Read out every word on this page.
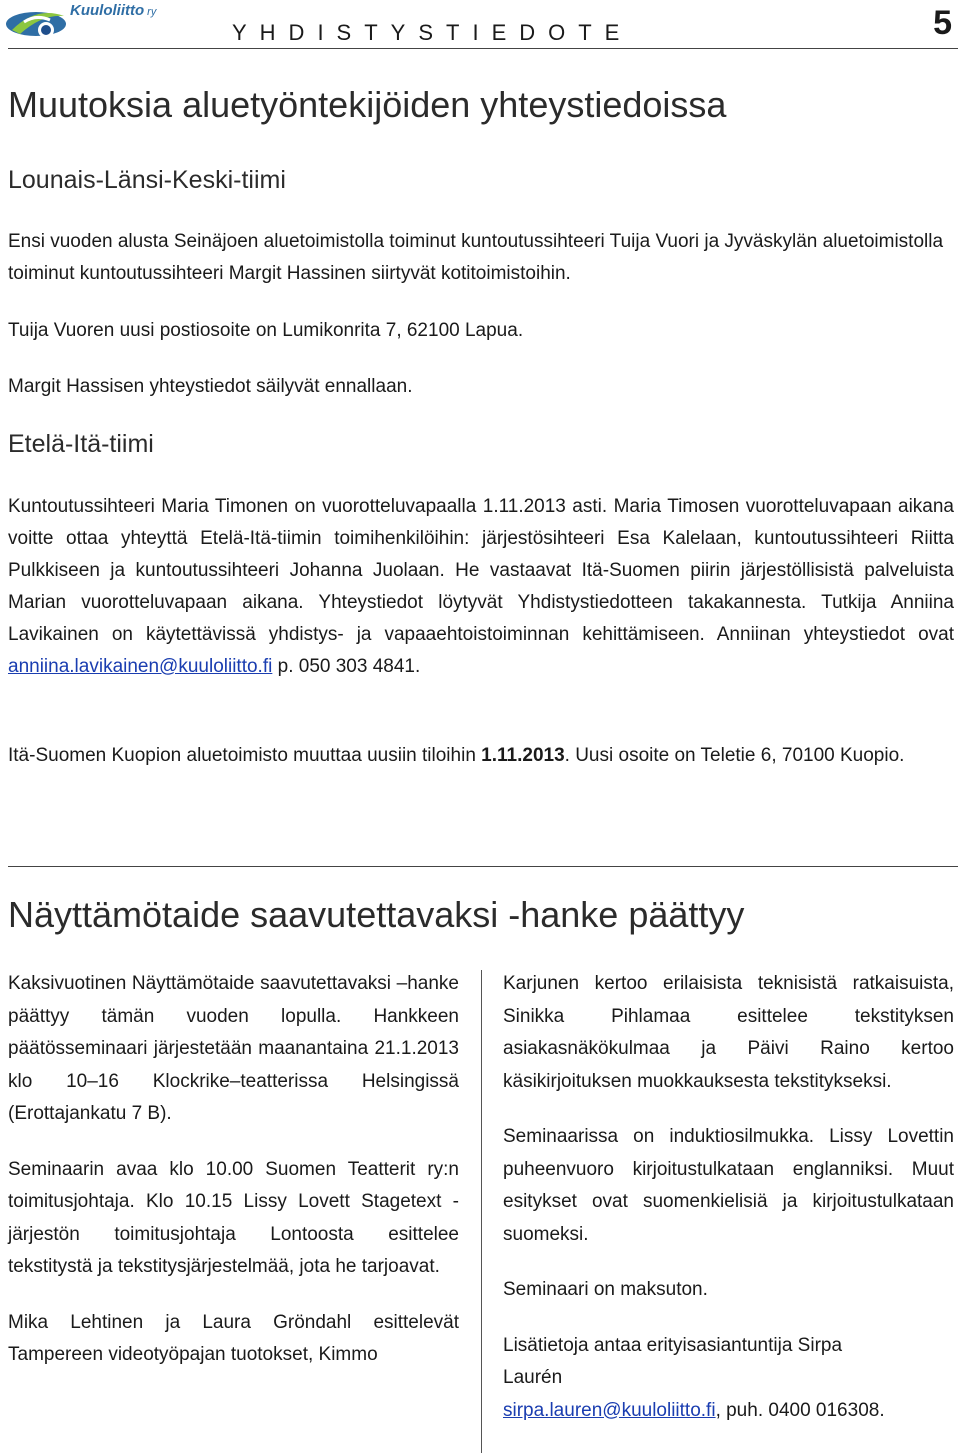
Kuuloliitto ry
YHDISTYSTIEDOTE	5
Muutoksia aluetyöntekijöiden yhteystiedoissa
Lounais-Länsi-Keski-tiimi

Ensi vuoden alusta Seinäjoen aluetoimistolla toiminut kuntoutussihteeri Tuija Vuori ja Jyväskylän aluetoimistolla toiminut kuntoutussihteeri Margit Hassinen siirtyvät kotitoimistoihin.

Tuija Vuoren uusi postiosoite on Lumikonrita 7, 62100 Lapua.

Margit Hassisen yhteystiedot säilyvät ennallaan.

Etelä-Itä-tiimi

Kuntoutussihteeri Maria Timonen on vuorotteluvapaalla 1.11.2013 asti. Maria Timosen vuorotteluvapaan aikana voitte ottaa yhteyttä Etelä-Itä-tiimin toimihenkilöihin: järjestösihteeri Esa Kalelaan, kuntoutussihteeri Riitta Pulkkiseen ja kuntoutussihteeri Johanna Juolaan. He vastaavat Itä-Suomen piirin järjestöllisistä palveluista Marian vuorotteluvapaan aikana. Yhteystiedot löytyvät Yhdistystiedotteen takakannesta. Tutkija Anniina Lavikainen on käytettävissä yhdistys- ja vapaaehtoistoiminnan kehittämiseen. Anniinan yhteystiedot ovat anniina.lavikainen@kuuloliitto.fi p. 050 303 4841.

Itä-Suomen Kuopion aluetoimisto muuttaa uusiin tiloihin 1.11.2013. Uusi osoite on Teletie 6, 70100 Kuopio.

Näyttämötaide saavutettavaksi -hanke päättyy

Kaksivuotinen Näyttämötaide saavutettavaksi –hanke päättyy tämän vuoden lopulla. Hankkeen päätösseminaari järjestetään maanantaina 21.1.2013 klo 10–16 Klockrike–teatterissa Helsingissä (Erottajankatu 7 B).

Seminaarin avaa klo 10.00 Suomen Teatterit ry:n toimitusjohtaja. Klo 10.15 Lissy Lovett Stagetext -järjestön toimitusjohtaja Lontoosta esittelee tekstitystä ja tekstitysjärjestelmää, jota he tarjoavat.

Mika Lehtinen ja Laura Gröndahl esittelevät Tampereen videotyöpajan tuotokset, Kimmo

Karjunen kertoo erilaisista teknisistä ratkaisuista, Sinikka Pihlamaa esittelee tekstityksen asiakasnäkökulmaa ja Päivi Raino kertoo käsikirjoituksen muokkauksesta tekstitykseksi.

Seminaarissa on induktiosilmukka. Lissy Lovettin puheenvuoro kirjoitustulkataan englanniksi. Muut esitykset ovat suomenkielisiä ja kirjoitustulkataan suomeksi.

Seminaari on maksuton.

Lisätietoja antaa erityisasiantuntija Sirpa
Laurén
sirpa.lauren@kuuloliitto.fi, puh. 0400 016308.
